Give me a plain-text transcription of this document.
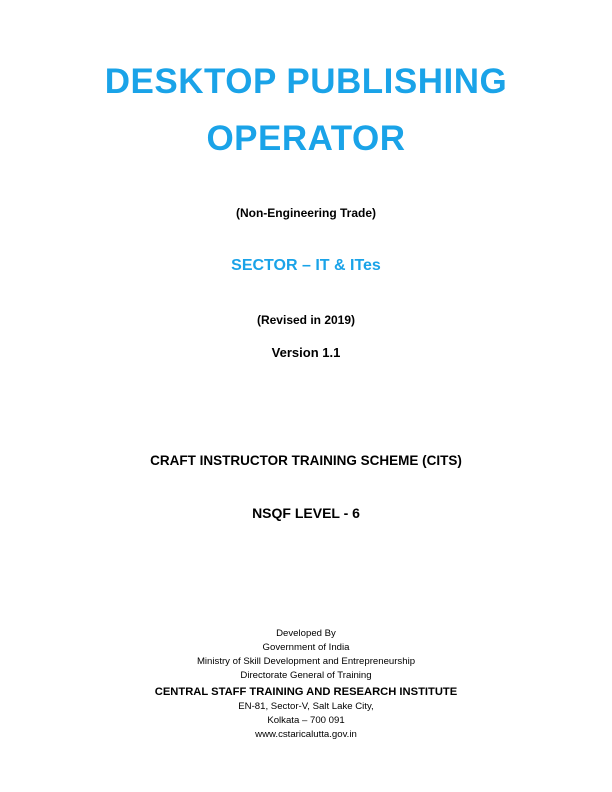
DESKTOP PUBLISHING
OPERATOR
(Non-Engineering Trade)
SECTOR – IT & ITes
(Revised in 2019)
Version 1.1
CRAFT INSTRUCTOR TRAINING SCHEME (CITS)
NSQF LEVEL - 6
Developed By
Government of India
Ministry of Skill Development and Entrepreneurship
Directorate General of Training
CENTRAL STAFF TRAINING AND RESEARCH INSTITUTE
EN-81, Sector-V, Salt Lake City,
Kolkata – 700 091
www.cstaricalutta.gov.in
